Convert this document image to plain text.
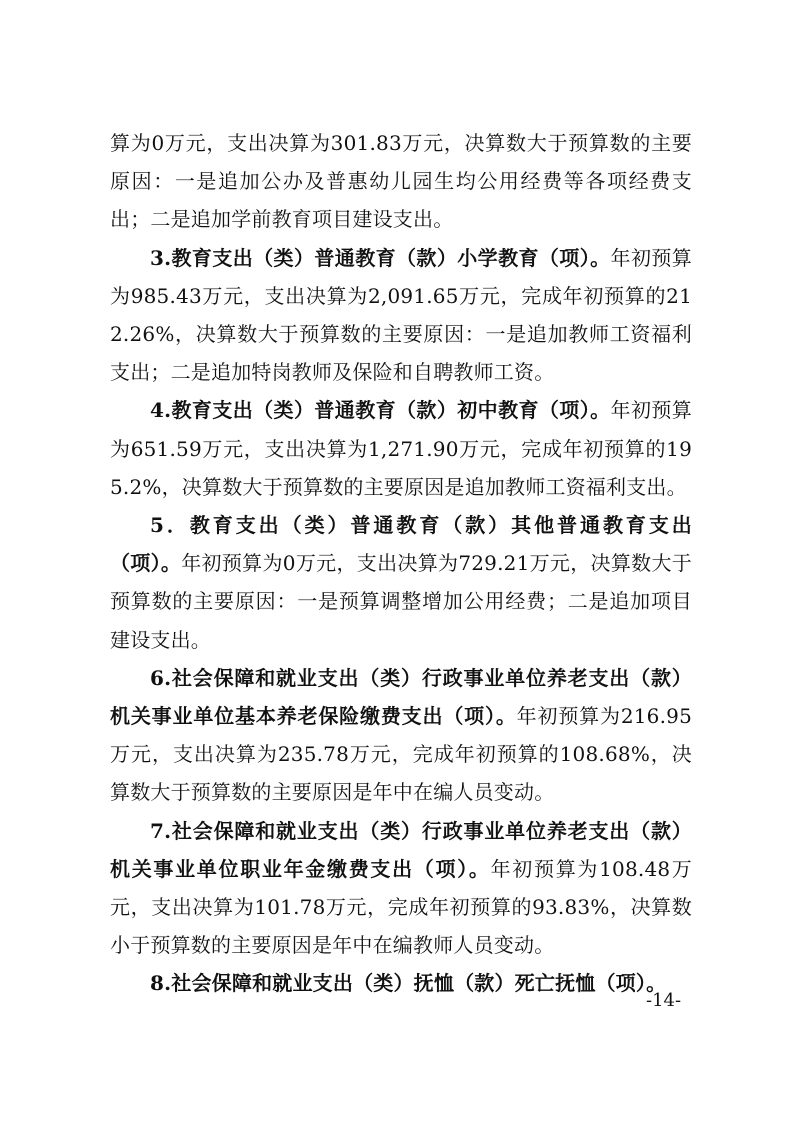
算为0万元，支出决算为301.83万元，决算数大于预算数的主要原因：一是追加公办及普惠幼儿园生均公用经费等各项经费支出；二是追加学前教育项目建设支出。

3.教育支出（类）普通教育（款）小学教育（项）。年初预算为985.43万元，支出决算为2,091.65万元，完成年初预算的212.26%，决算数大于预算数的主要原因：一是追加教师工资福利支出；二是追加特岗教师及保险和自聘教师工资。

4.教育支出（类）普通教育（款）初中教育（项）。年初预算为651.59万元，支出决算为1,271.90万元，完成年初预算的195.2%，决算数大于预算数的主要原因是追加教师工资福利支出。

5．教育支出（类）普通教育（款）其他普通教育支出（项）。年初预算为0万元，支出决算为729.21万元，决算数大于预算数的主要原因：一是预算调整增加公用经费；二是追加项目建设支出。

6.社会保障和就业支出（类）行政事业单位养老支出（款）机关事业单位基本养老保险缴费支出（项）。年初预算为216.95万元，支出决算为235.78万元，完成年初预算的108.68%，决算数大于预算数的主要原因是年中在编人员变动。

7.社会保障和就业支出（类）行政事业单位养老支出（款）机关事业单位职业年金缴费支出（项）。年初预算为108.48万元，支出决算为101.78万元，完成年初预算的93.83%，决算数小于预算数的主要原因是年中在编教师人员变动。

8.社会保障和就业支出（类）抚恤（款）死亡抚恤（项）。

-14-
